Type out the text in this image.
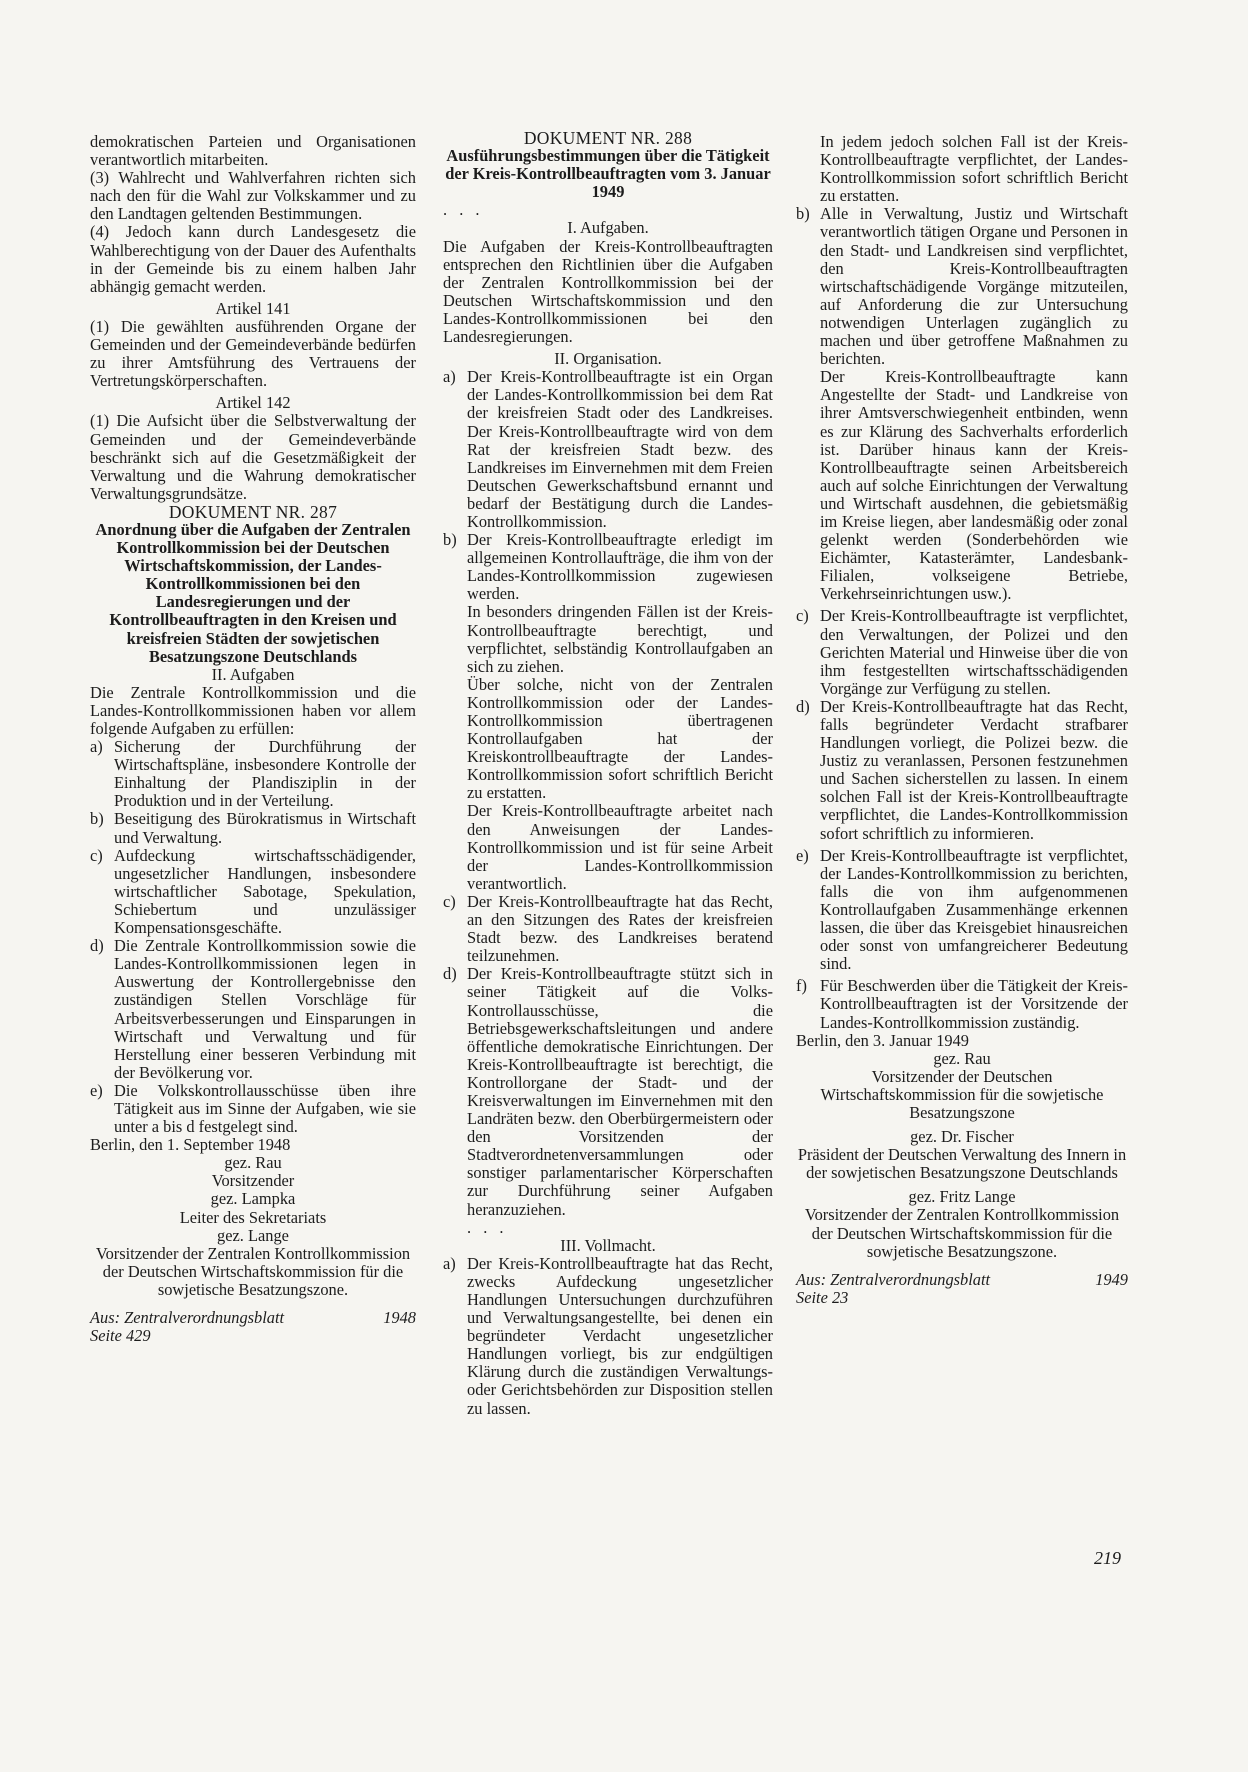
demokratischen Parteien und Organisationen verantwortlich mitarbeiten.

(3) Wahlrecht und Wahlverfahren richten sich nach den für die Wahl zur Volkskammer und zu den Landtagen geltenden Bestimmungen.

(4) Jedoch kann durch Landesgesetz die Wahlberechtigung von der Dauer des Aufenthalts in der Gemeinde bis zu einem halben Jahr abhängig gemacht werden.

Artikel 141

(1) Die gewählten ausführenden Organe der Gemeinden und der Gemeindeverbände bedürfen zu ihrer Amtsführung des Vertrauens der Vertretungskörperschaften.

Artikel 142

(1) Die Aufsicht über die Selbstverwaltung der Gemeinden und der Gemeindeverbände beschränkt sich auf die Gesetzmäßigkeit der Verwaltung und die Wahrung demokratischer Verwaltungsgrundsätze.

DOKUMENT NR. 287

Anordnung über die Aufgaben der Zentralen Kontrollkommission bei der Deutschen Wirtschaftskommission, der Landes-Kontrollkommissionen bei den Landesregierungen und der Kontrollbeauftragten in den Kreisen und kreisfreien Städten der sowjetischen Besatzungszone Deutschlands

II. Aufgaben

Die Zentrale Kontrollkommission und die Landes-Kontrollkommissionen haben vor allem folgende Aufgaben zu erfüllen:

a) Sicherung der Durchführung der Wirtschaftspläne, insbesondere Kontrolle der Einhaltung der Plandisziplin in der Produktion und in der Verteilung.
b) Beseitigung des Bürokratismus in Wirtschaft und Verwaltung.
c) Aufdeckung wirtschaftsschädigender, ungesetzlicher Handlungen, insbesondere wirtschaftlicher Sabotage, Spekulation, Schiebertum und unzulässiger Kompensationsgeschäfte.
d) Die Zentrale Kontrollkommission sowie die Landes-Kontrollkommissionen legen in Auswertung der Kontrollergebnisse den zuständigen Stellen Vorschläge für Arbeitsverbesserungen und Einsparungen in Wirtschaft und Verwaltung und für Herstellung einer besseren Verbindung mit der Bevölkerung vor.
e) Die Volkskontrollausschüsse üben ihre Tätigkeit aus im Sinne der Aufgaben, wie sie unter a bis d festgelegt sind.

Berlin, den 1. September 1948

gez. Rau

Vorsitzender

gez. Lampka

Leiter des Sekretariats

gez. Lange

Vorsitzender der Zentralen Kontrollkommission der Deutschen Wirtschaftskommission für die sowjetische Besatzungszone.

Aus: Zentralverordnungsblatt	1948

Seite 429

DOKUMENT NR. 288

Ausführungsbestimmungen über die Tätigkeit der Kreis-Kontrollbeauftragten vom 3. Januar 1949

. . .

I. Aufgaben.

Die Aufgaben der Kreis-Kontrollbeauftragten entsprechen den Richtlinien über die Aufgaben der Zentralen Kontrollkommission bei der Deutschen Wirtschaftskommission und den Landes-Kontrollkommissionen bei den Landesregierungen.

II. Organisation.

a) Der Kreis-Kontrollbeauftragte ist ein Organ der Landes-Kontrollkommission bei dem Rat der kreisfreien Stadt oder des Landkreises. Der Kreis-Kontrollbeauftragte wird von dem Rat der kreisfreien Stadt bezw. des Landkreises im Einvernehmen mit dem Freien Deutschen Gewerkschaftsbund ernannt und bedarf der Bestätigung durch die Landes-Kontrollkommission.
b) Der Kreis-Kontrollbeauftragte erledigt im allgemeinen Kontrollaufträge, die ihm von der Landes-Kontrollkommission zugewiesen werden.
In besonders dringenden Fällen ist der Kreis-Kontrollbeauftragte berechtigt, und verpflichtet, selbständig Kontrollaufgaben an sich zu ziehen.
Über solche, nicht von der Zentralen Kontrollkommission oder der Landes-Kontrollkommission übertragenen Kontrollaufgaben hat der Kreiskontrollbeauftragte der Landes-Kontrollkommission sofort schriftlich Bericht zu erstatten.
Der Kreis-Kontrollbeauftragte arbeitet nach den Anweisungen der Landes-Kontrollkommission und ist für seine Arbeit der Landes-Kontrollkommission verantwortlich.
c) Der Kreis-Kontrollbeauftragte hat das Recht, an den Sitzungen des Rates der kreisfreien Stadt bezw. des Landkreises beratend teilzunehmen.
d) Der Kreis-Kontrollbeauftragte stützt sich in seiner Tätigkeit auf die Volks-Kontrollausschüsse, die Betriebsgewerkschaftsleitungen und andere öffentliche demokratische Einrichtungen. Der Kreis-Kontrollbeauftragte ist berechtigt, die Kontrollorgane der Stadt- und der Kreisverwaltungen im Einvernehmen mit den Landräten bezw. den Oberbürgermeistern oder den Vorsitzenden der Stadtverordnetenversammlungen oder sonstiger parlamentarischer Körperschaften zur Durchführung seiner Aufgaben heranzuziehen.

. . .

III. Vollmacht.

a) Der Kreis-Kontrollbeauftragte hat das Recht, zwecks Aufdeckung ungesetzlicher Handlungen Untersuchungen durchzuführen und Verwaltungsangestellte, bei denen ein begründeter Verdacht ungesetzlicher Handlungen vorliegt, bis zur endgültigen Klärung durch die zuständigen Verwaltungs- oder Gerichtsbehörden zur Disposition stellen zu lassen.
In jedem jedoch solchen Fall ist der Kreis-Kontrollbeauftragte verpflichtet, der Landes-Kontrollkommission sofort schriftlich Bericht zu erstatten.
b) Alle in Verwaltung, Justiz und Wirtschaft verantwortlich tätigen Organe und Personen in den Stadt- und Landkreisen sind verpflichtet, den Kreis-Kontrollbeauftragten wirtschaftschädigende Vorgänge mitzuteilen, auf Anforderung die zur Untersuchung notwendigen Unterlagen zugänglich zu machen und über getroffene Maßnahmen zu berichten.
Der Kreis-Kontrollbeauftragte kann Angestellte der Stadt- und Landkreise von ihrer Amtsverschwiegenheit entbinden, wenn es zur Klärung des Sachverhalts erforderlich ist. Darüber hinaus kann der Kreis-Kontrollbeauftragte seinen Arbeitsbereich auch auf solche Einrichtungen der Verwaltung und Wirtschaft ausdehnen, die gebietsmäßig im Kreise liegen, aber landesmäßig oder zonal gelenkt werden (Sonderbehörden wie Eichämter, Katasterämter, Landesbank-Filialen, volkseigene Betriebe, Verkehrseinrichtungen usw.).
c) Der Kreis-Kontrollbeauftragte ist verpflichtet, den Verwaltungen, der Polizei und den Gerichten Material und Hinweise über die von ihm festgestellten wirtschaftsschädigenden Vorgänge zur Verfügung zu stellen.
d) Der Kreis-Kontrollbeauftragte hat das Recht, falls begründeter Verdacht strafbarer Handlungen vorliegt, die Polizei bezw. die Justiz zu veranlassen, Personen festzunehmen und Sachen sicherstellen zu lassen. In einem solchen Fall ist der Kreis-Kontrollbeauftragte verpflichtet, die Landes-Kontrollkommission sofort schriftlich zu informieren.
e) Der Kreis-Kontrollbeauftragte ist verpflichtet, der Landes-Kontrollkommission zu berichten, falls die von ihm aufgenommenen Kontrollaufgaben Zusammenhänge erkennen lassen, die über das Kreisgebiet hinausreichen oder sonst von umfangreicherer Bedeutung sind.
f) Für Beschwerden über die Tätigkeit der Kreis-Kontrollbeauftragten ist der Vorsitzende der Landes-Kontrollkommission zuständig.

Berlin, den 3. Januar 1949

gez. Rau

Vorsitzender der Deutschen Wirtschaftskommission für die sowjetische Besatzungszone

gez. Dr. Fischer

Präsident der Deutschen Verwaltung des Innern in der sowjetischen Besatzungszone Deutschlands

gez. Fritz Lange

Vorsitzender der Zentralen Kontrollkommission der Deutschen Wirtschaftskommission für die sowjetische Besatzungszone.

Aus: Zentralverordnungsblatt	1949

Seite 23

219
